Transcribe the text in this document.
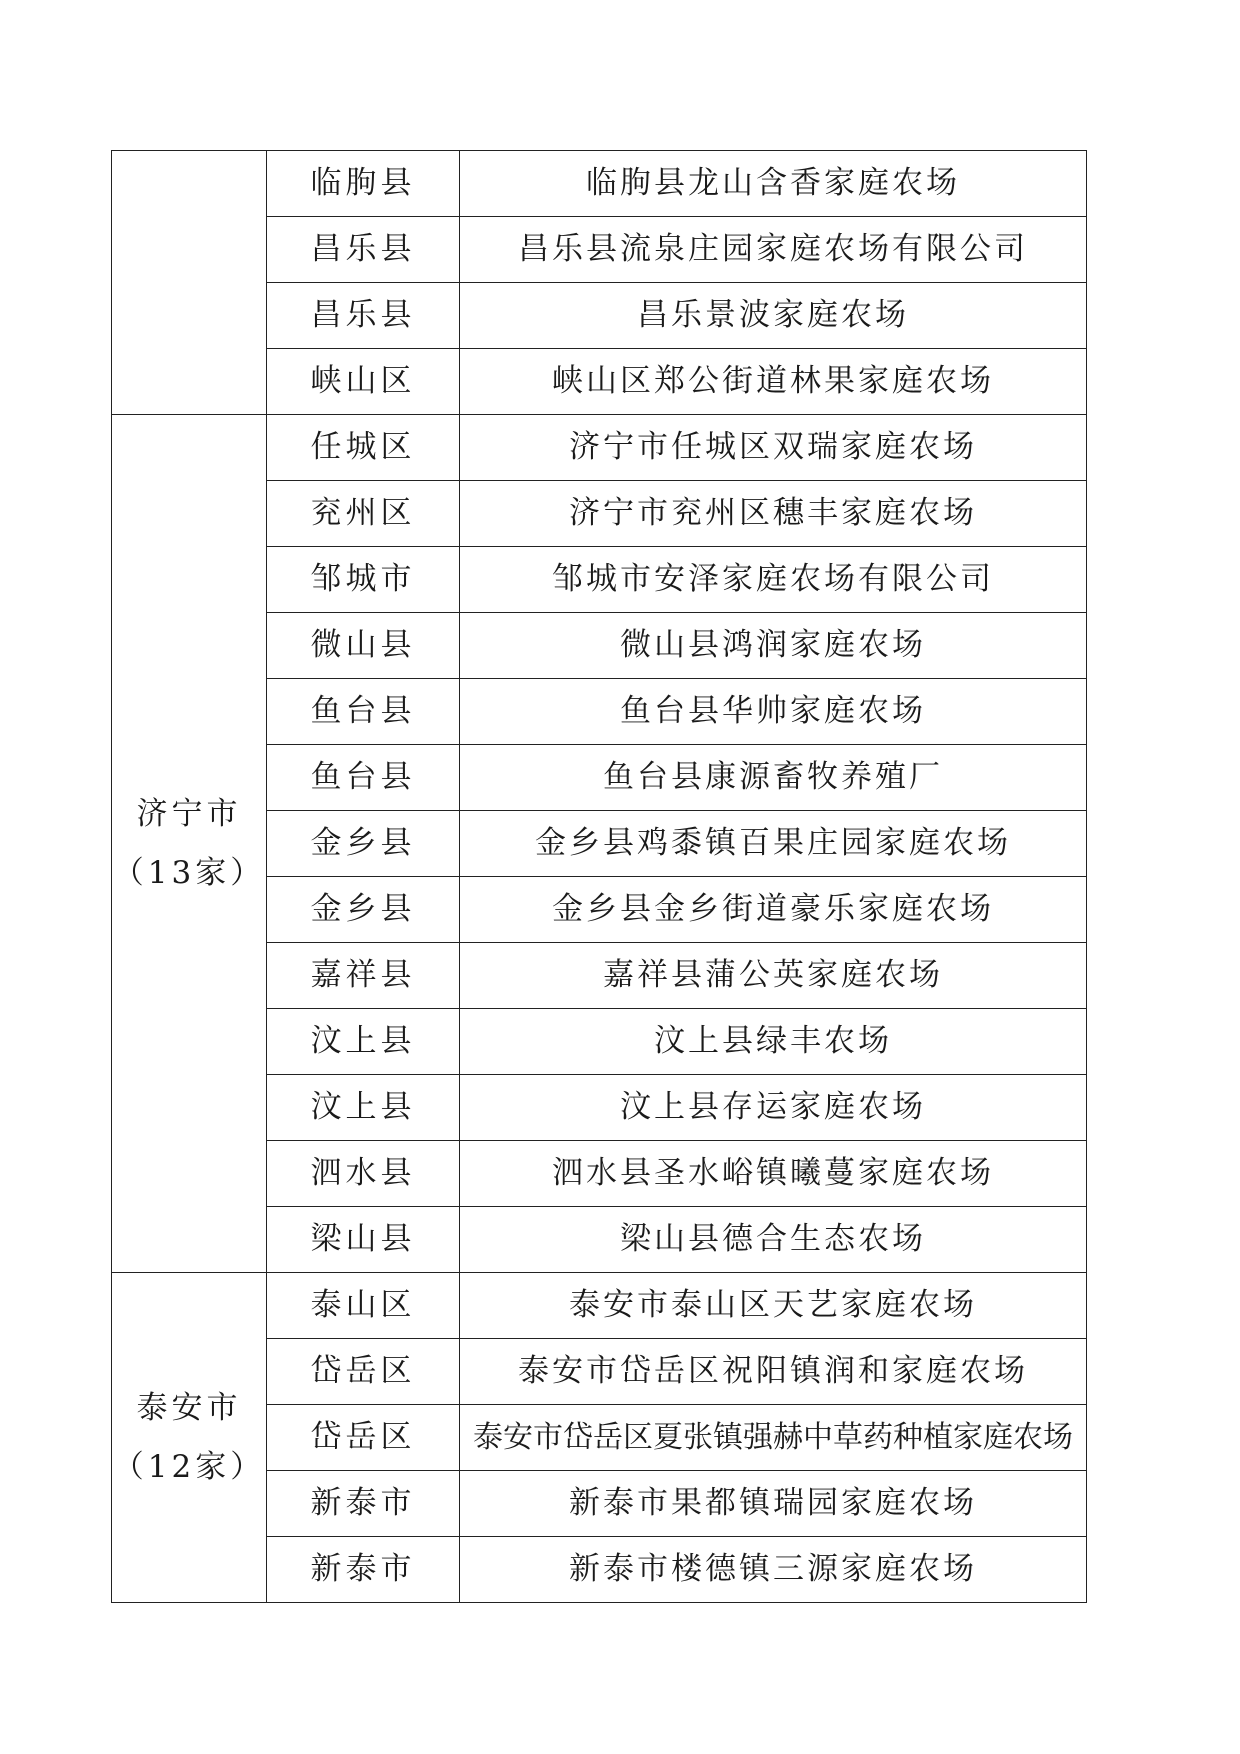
	临朐县	临朐县龙山含香家庭农场
	昌乐县	昌乐县流泉庄园家庭农场有限公司
	昌乐县	昌乐景波家庭农场
	峡山区	峡山区郑公街道林果家庭农场

济宁市
（13家）	任城区	济宁市任城区双瑞家庭农场
	兖州区	济宁市兖州区穗丰家庭农场
	邹城市	邹城市安泽家庭农场有限公司
	微山县	微山县鸿润家庭农场
	鱼台县	鱼台县华帅家庭农场
	鱼台县	鱼台县康源畜牧养殖厂
	金乡县	金乡县鸡黍镇百果庄园家庭农场
	金乡县	金乡县金乡街道豪乐家庭农场
	嘉祥县	嘉祥县蒲公英家庭农场
	汶上县	汶上县绿丰农场
	汶上县	汶上县存运家庭农场
	泗水县	泗水县圣水峪镇曦蔓家庭农场
	梁山县	梁山县德合生态农场

泰安市
（12家）	泰山区	泰安市泰山区天艺家庭农场
	岱岳区	泰安市岱岳区祝阳镇润和家庭农场
	岱岳区	泰安市岱岳区夏张镇强赫中草药种植家庭农场
	新泰市	新泰市果都镇瑞园家庭农场
	新泰市	新泰市楼德镇三源家庭农场
